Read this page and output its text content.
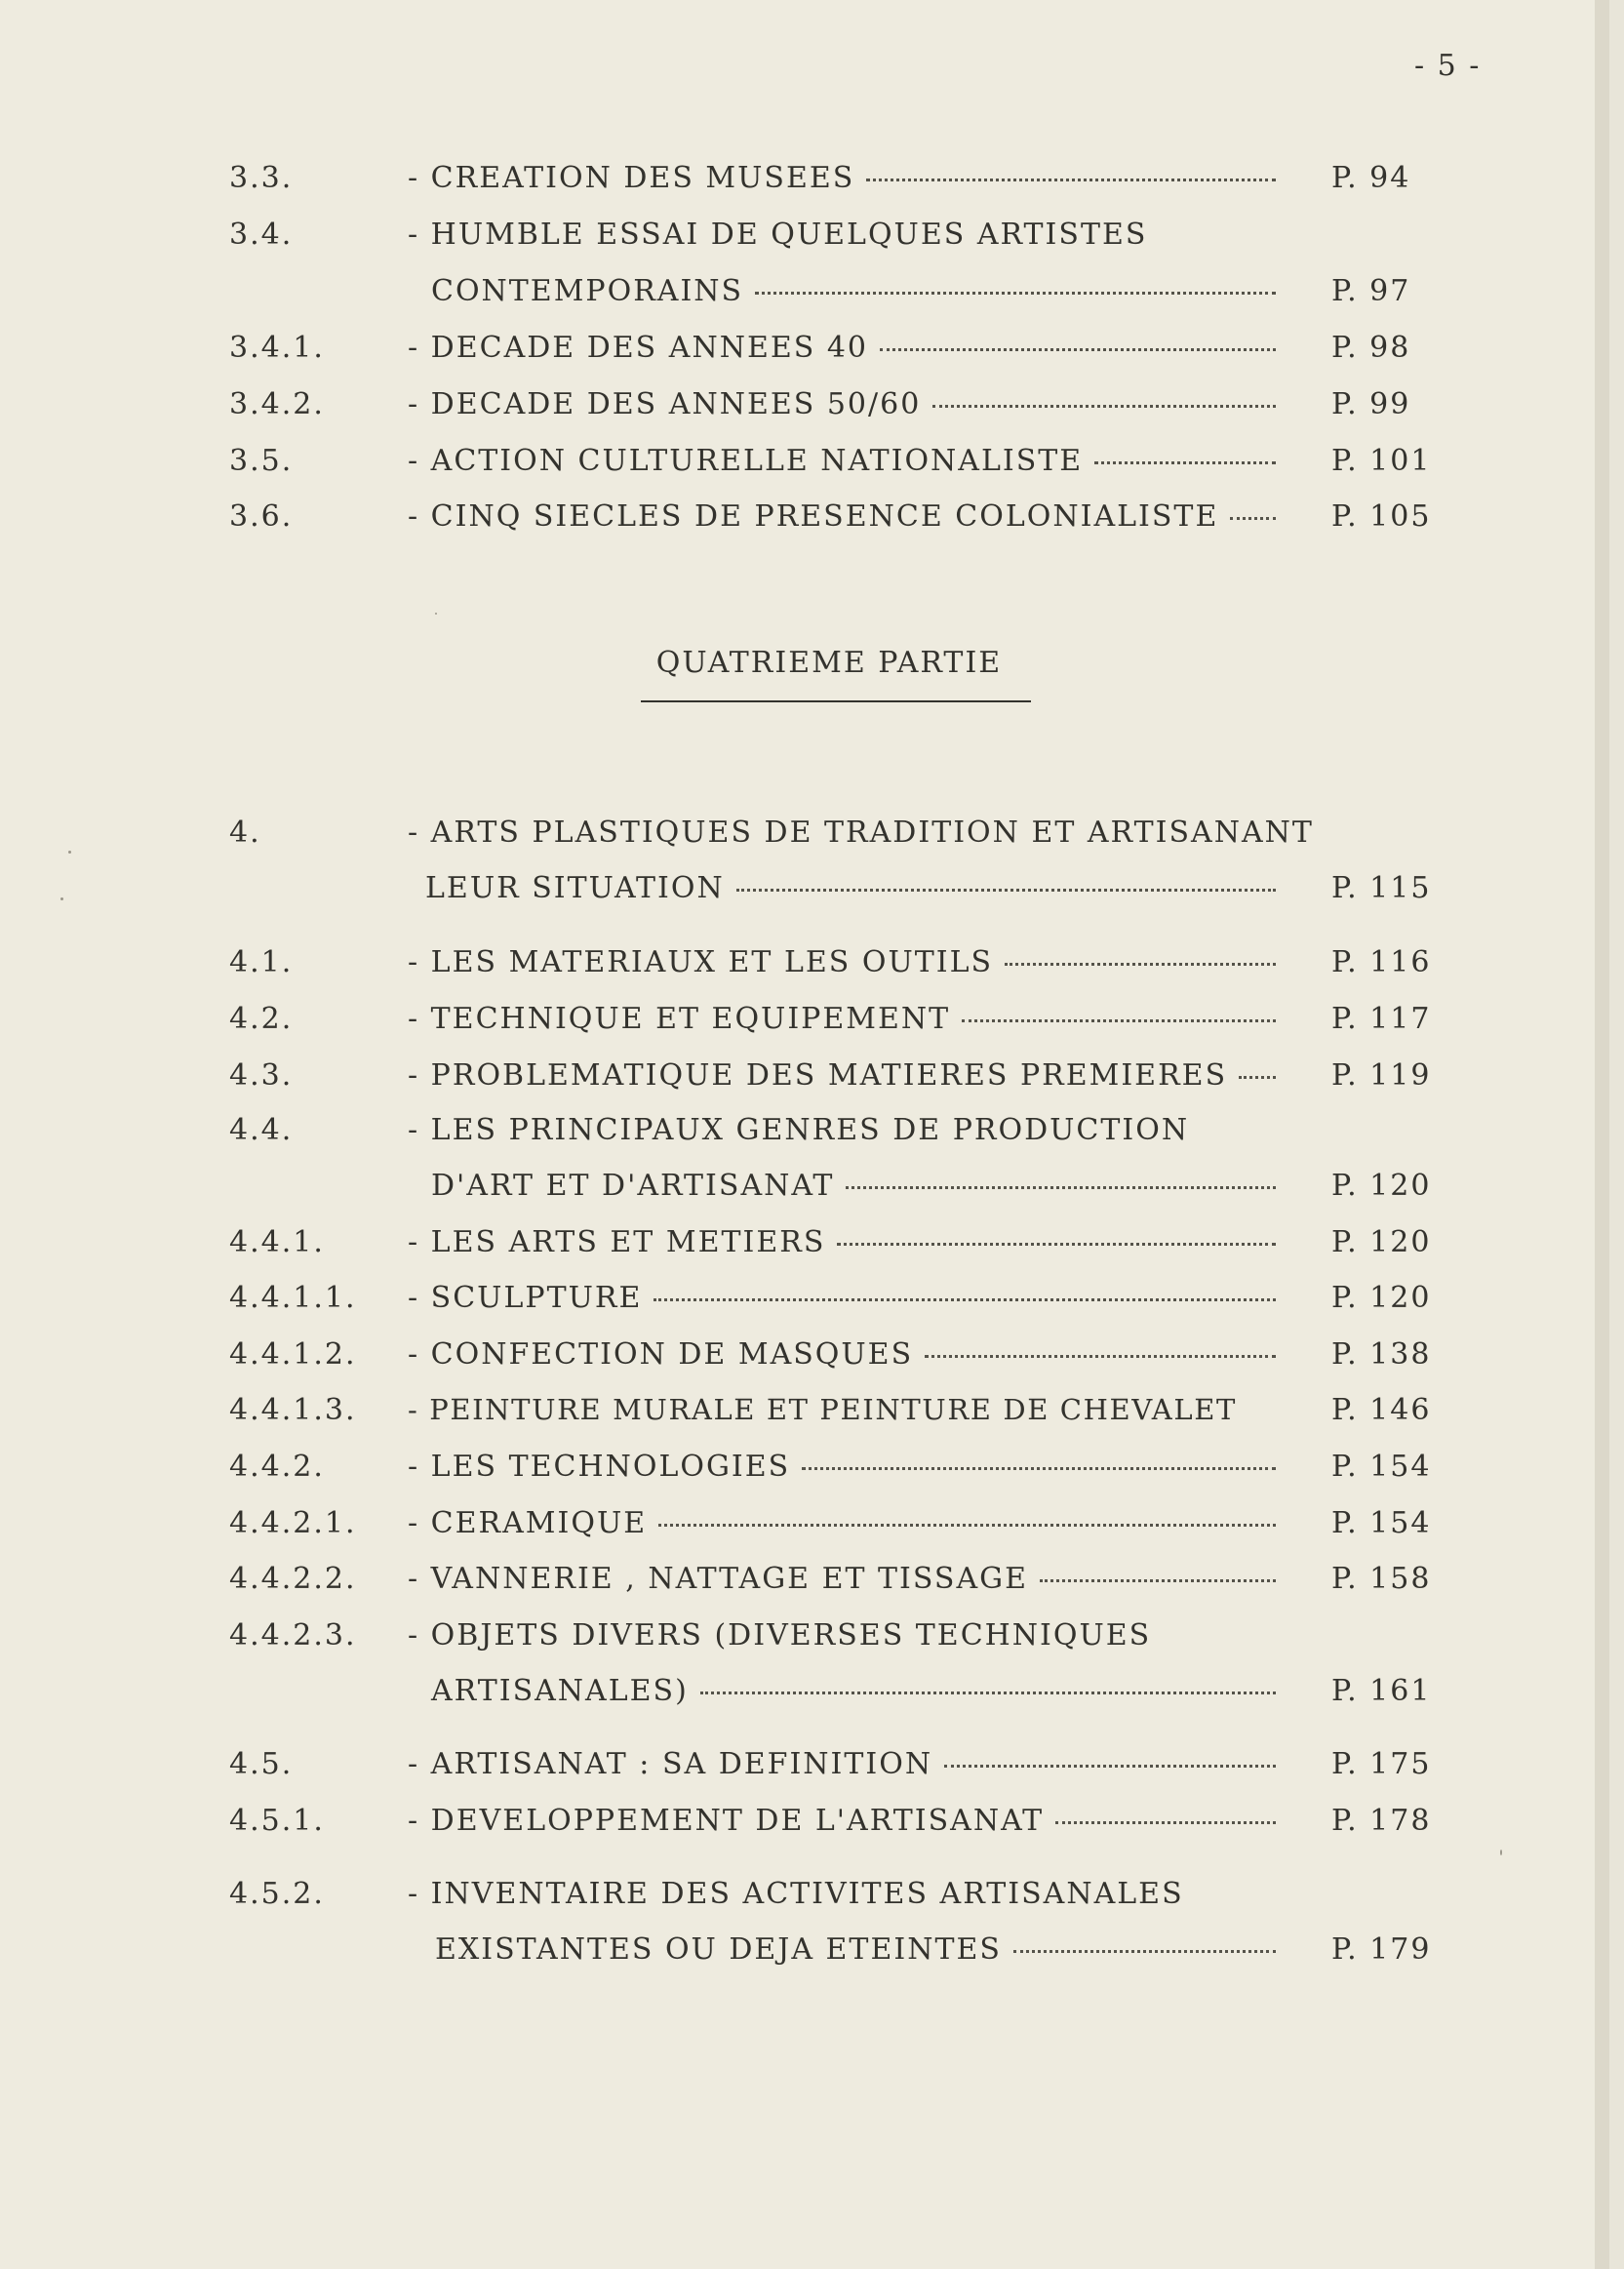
- 5 -
3.3.	- CREATION DES MUSEES	P. 94
3.4.	- HUMBLE ESSAI DE QUELQUES ARTISTES
CONTEMPORAINS	P. 97
3.4.1.	- DECADE DES ANNEES 40	P. 98
3.4.2.	- DECADE DES ANNEES 50/60	P. 99
3.5.	- ACTION CULTURELLE NATIONALISTE	P. 101
3.6.	- CINQ SIECLES DE PRESENCE COLONIALISTE	P. 105
QUATRIEME PARTIE
4.	- ARTS PLASTIQUES DE TRADITION ET ARTISANANT
LEUR SITUATION	P. 115
4.1.	- LES MATERIAUX ET LES OUTILS	P. 116
4.2.	- TECHNIQUE ET EQUIPEMENT	P. 117
4.3.	- PROBLEMATIQUE DES MATIERES PREMIERES	P. 119
4.4.	- LES PRINCIPAUX GENRES DE PRODUCTION
D'ART ET D'ARTISANAT	P. 120
4.4.1.	- LES ARTS ET METIERS	P. 120
4.4.1.1. - SCULPTURE	P. 120
4.4.1.2. - CONFECTION DE MASQUES	P. 138
4.4.1.3. - PEINTURE MURALE ET PEINTURE DE CHEVALET	P. 146
4.4.2.	- LES TECHNOLOGIES	P. 154
4.4.2.1. - CERAMIQUE	P. 154
4.4.2.2. - VANNERIE , NATTAGE ET TISSAGE	P. 158
4.4.2.3. - OBJETS DIVERS (DIVERSES TECHNIQUES
ARTISANALES)	P. 161
4.5.	- ARTISANAT : SA DEFINITION	P. 175
4.5.1.	- DEVELOPPEMENT DE L'ARTISANAT	P. 178
4.5.2.	- INVENTAIRE DES ACTIVITES ARTISANALES
EXISTANTES OU DEJA ETEINTES	P. 179
